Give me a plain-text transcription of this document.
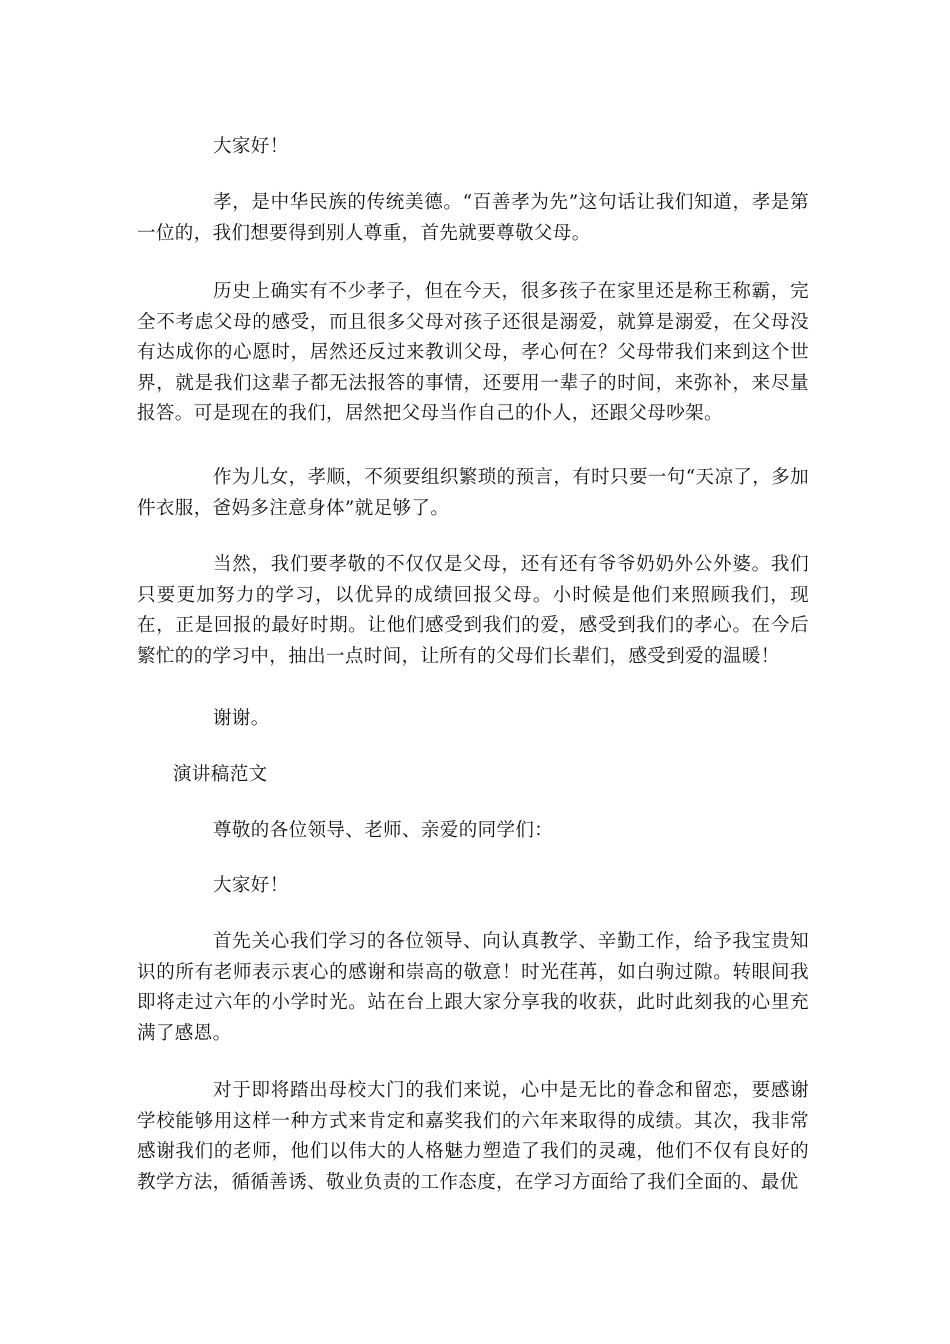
大家好！

孝，是中华民族的传统美德。“百善孝为先”这句话让我们知道，孝是第一位的，我们想要得到别人尊重，首先就要尊敬父母。

历史上确实有不少孝子，但在今天，很多孩子在家里还是称王称霸，完全不考虑父母的感受，而且很多父母对孩子还很是溺爱，就算是溺爱，在父母没有达成你的心愿时，居然还反过来教训父母，孝心何在？父母带我们来到这个世界，就是我们这辈子都无法报答的事情，还要用一辈子的时间，来弥补，来尽量报答。可是现在的我们，居然把父母当作自己的仆人，还跟父母吵架。

作为儿女，孝顺，不须要组织繁琐的预言，有时只要一句“天凉了，多加件衣服，爸妈多注意身体”就足够了。

当然，我们要孝敬的不仅仅是父母，还有还有爷爷奶奶外公外婆。我们只要更加努力的学习，以优异的成绩回报父母。小时候是他们来照顾我们，现在，正是回报的最好时期。让他们感受到我们的爱，感受到我们的孝心。在今后繁忙的的学习中，抽出一点时间，让所有的父母们长辈们，感受到爱的温暖！

谢谢。

演讲稿范文

尊敬的各位领导、老师、亲爱的同学们：

大家好！

首先关心我们学习的各位领导、向认真教学、辛勤工作，给予我宝贵知识的所有老师表示衷心的感谢和崇高的敬意！时光荏苒，如白驹过隙。转眼间我即将走过六年的小学时光。站在台上跟大家分享我的收获，此时此刻我的心里充满了感恩。

对于即将踏出母校大门的我们来说，心中是无比的眷念和留恋，要感谢学校能够用这样一种方式来肯定和嘉奖我们的六年来取得的成绩。其次，我非常感谢我们的老师，他们以伟大的人格魅力塑造了我们的灵魂，他们不仅有良好的教学方法，循循善诱、敬业负责的工作态度，在学习方面给了我们全面的、最优
